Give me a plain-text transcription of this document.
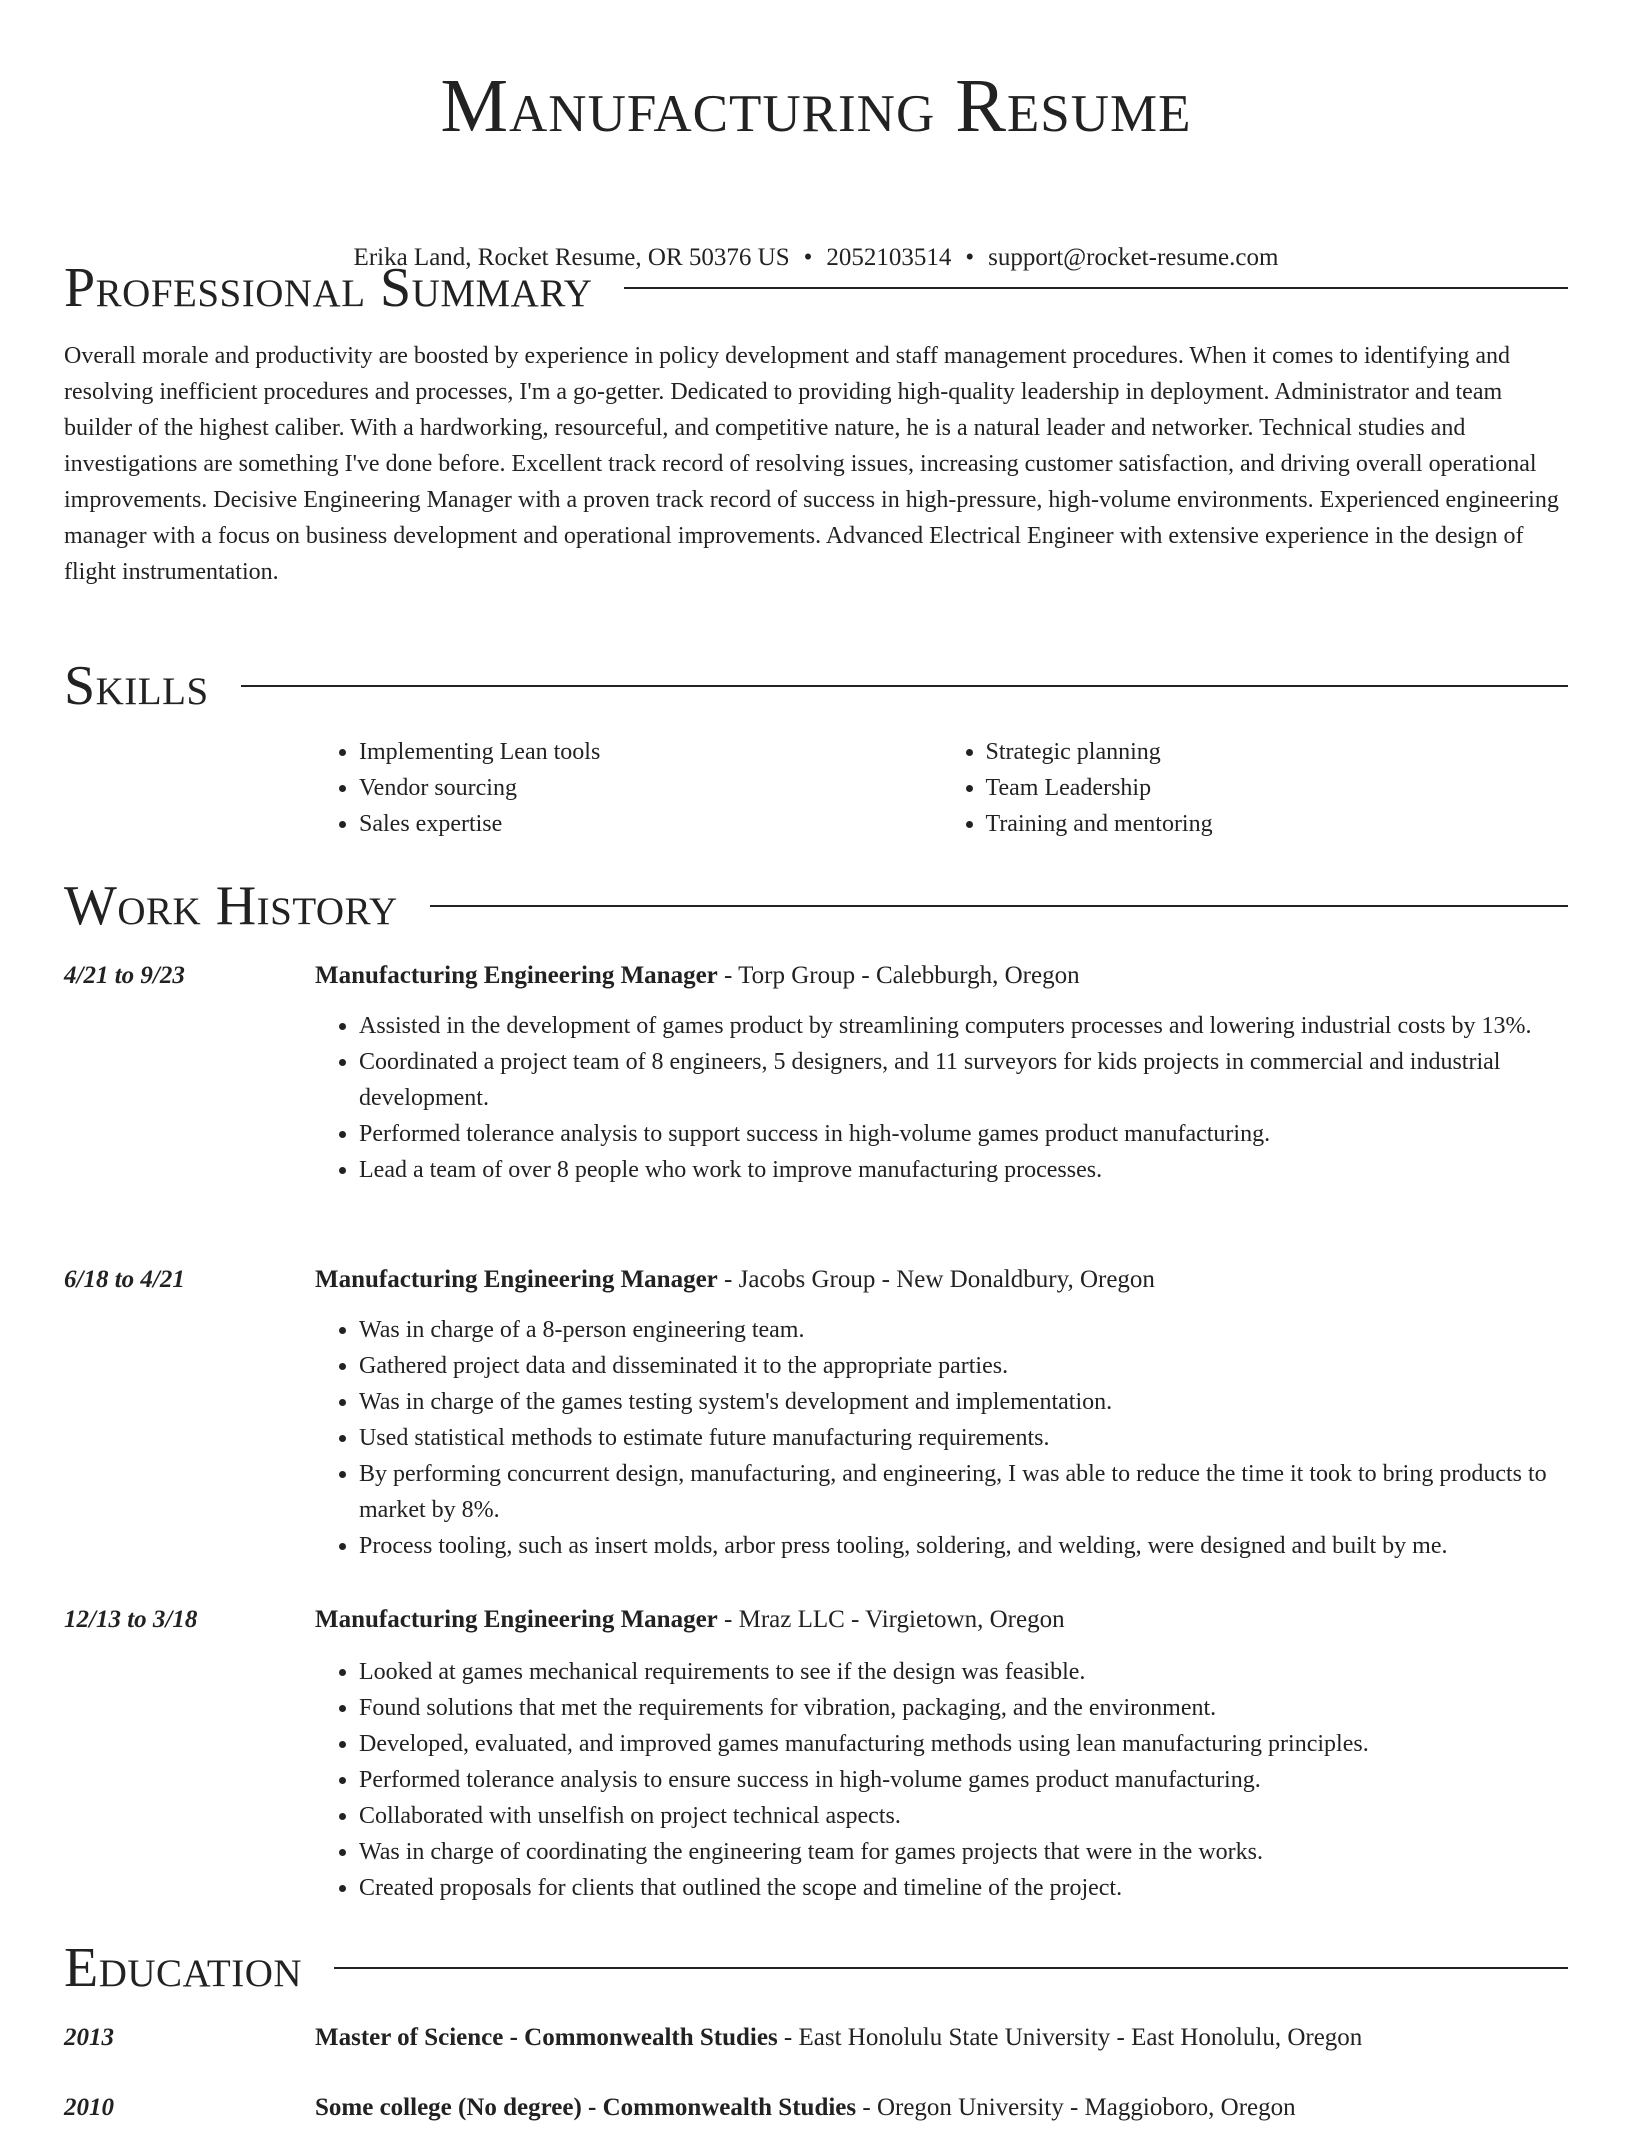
Manufacturing Resume
Erika Land, Rocket Resume, OR 50376 US • 2052103514 • support@rocket-resume.com
Professional Summary

Overall morale and productivity are boosted by experience in policy development and staff management procedures. When it comes to identifying and resolving inefficient procedures and processes, I'm a go-getter. Dedicated to providing high-quality leadership in deployment. Administrator and team builder of the highest caliber. With a hardworking, resourceful, and competitive nature, he is a natural leader and networker. Technical studies and investigations are something I've done before. Excellent track record of resolving issues, increasing customer satisfaction, and driving overall operational improvements. Decisive Engineering Manager with a proven track record of success in high-pressure, high-volume environments. Experienced engineering manager with a focus on business development and operational improvements. Advanced Electrical Engineer with extensive experience in the design of flight instrumentation.

Skills
• Implementing Lean tools
• Vendor sourcing
• Sales expertise
• Strategic planning
• Team Leadership
• Training and mentoring
Work History
4/21 to 9/23	Manufacturing Engineering Manager - Torp Group - Calebburgh, Oregon

• Assisted in the development of games product by streamlining computers processes and lowering industrial costs by 13%.
• Coordinated a project team of 8 engineers, 5 designers, and 11 surveyors for kids projects in commercial and industrial development.
• Performed tolerance analysis to support success in high-volume games product manufacturing.
• Lead a team of over 8 people who work to improve manufacturing processes.
6/18 to 4/21	Manufacturing Engineering Manager - Jacobs Group - New Donaldbury, Oregon

• Was in charge of a 8-person engineering team.
• Gathered project data and disseminated it to the appropriate parties.
• Was in charge of the games testing system's development and implementation.
• Used statistical methods to estimate future manufacturing requirements.
• By performing concurrent design, manufacturing, and engineering, I was able to reduce the time it took to bring products to market by 8%.
• Process tooling, such as insert molds, arbor press tooling, soldering, and welding, were designed and built by me.
12/13 to 3/18	Manufacturing Engineering Manager - Mraz LLC - Virgietown, Oregon

• Looked at games mechanical requirements to see if the design was feasible.
• Found solutions that met the requirements for vibration, packaging, and the environment.
• Developed, evaluated, and improved games manufacturing methods using lean manufacturing principles.
• Performed tolerance analysis to ensure success in high-volume games product manufacturing.
• Collaborated with unselfish on project technical aspects.
• Was in charge of coordinating the engineering team for games projects that were in the works.
• Created proposals for clients that outlined the scope and timeline of the project.
Education
2013	Master of Science - Commonwealth Studies - East Honolulu State University - East Honolulu, Oregon

2010	Some college (No degree) - Commonwealth Studies - Oregon University - Maggioboro, Oregon
